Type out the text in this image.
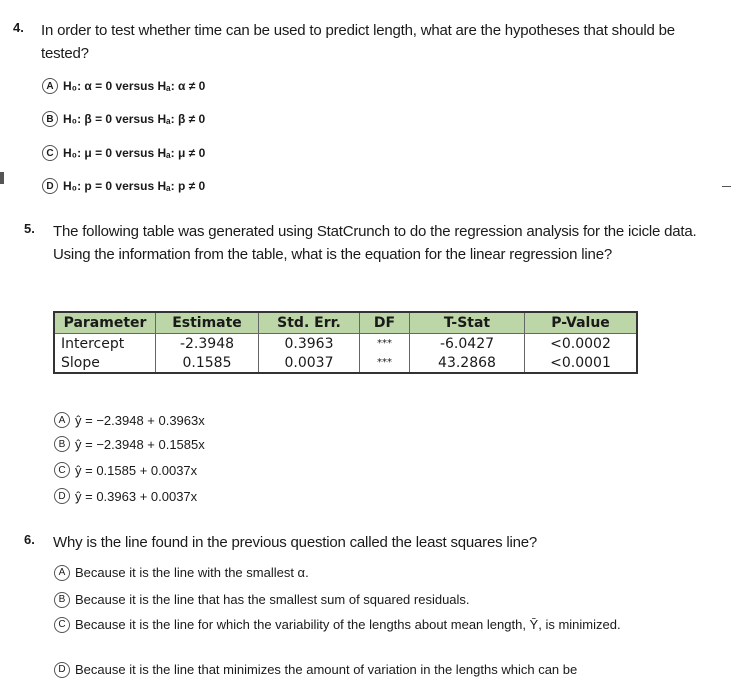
4. In order to test whether time can be used to predict length, what are the hypotheses that should be tested?
A H₀: α = 0 versus Hₐ: α ≠ 0
B H₀: β = 0 versus Hₐ: β ≠ 0
C H₀: μ = 0 versus Hₐ: μ ≠ 0
D H₀: p = 0 versus Hₐ: p ≠ 0
5. The following table was generated using StatCrunch to do the regression analysis for the icicle data. Using the information from the table, what is the equation for the linear regression line?
Parameter	Estimate	Std. Err.	DF	T-Stat	P-Value
Intercept	-2.3948	0.3963	***	-6.0427	<0.0002
Slope	0.1585	0.0037	***	43.2868	<0.0001
A ŷ = −2.3948 + 0.3963x
B ŷ = −2.3948 + 0.1585x
C ŷ = 0.1585 + 0.0037x
D ŷ = 0.3963 + 0.0037x
6. Why is the line found in the previous question called the least squares line?
A Because it is the line with the smallest α.
B Because it is the line that has the smallest sum of squared residuals.
C Because it is the line for which the variability of the lengths about mean length, Ȳ, is minimized.
D Because it is the line that minimizes the amount of variation in the lengths which can be
